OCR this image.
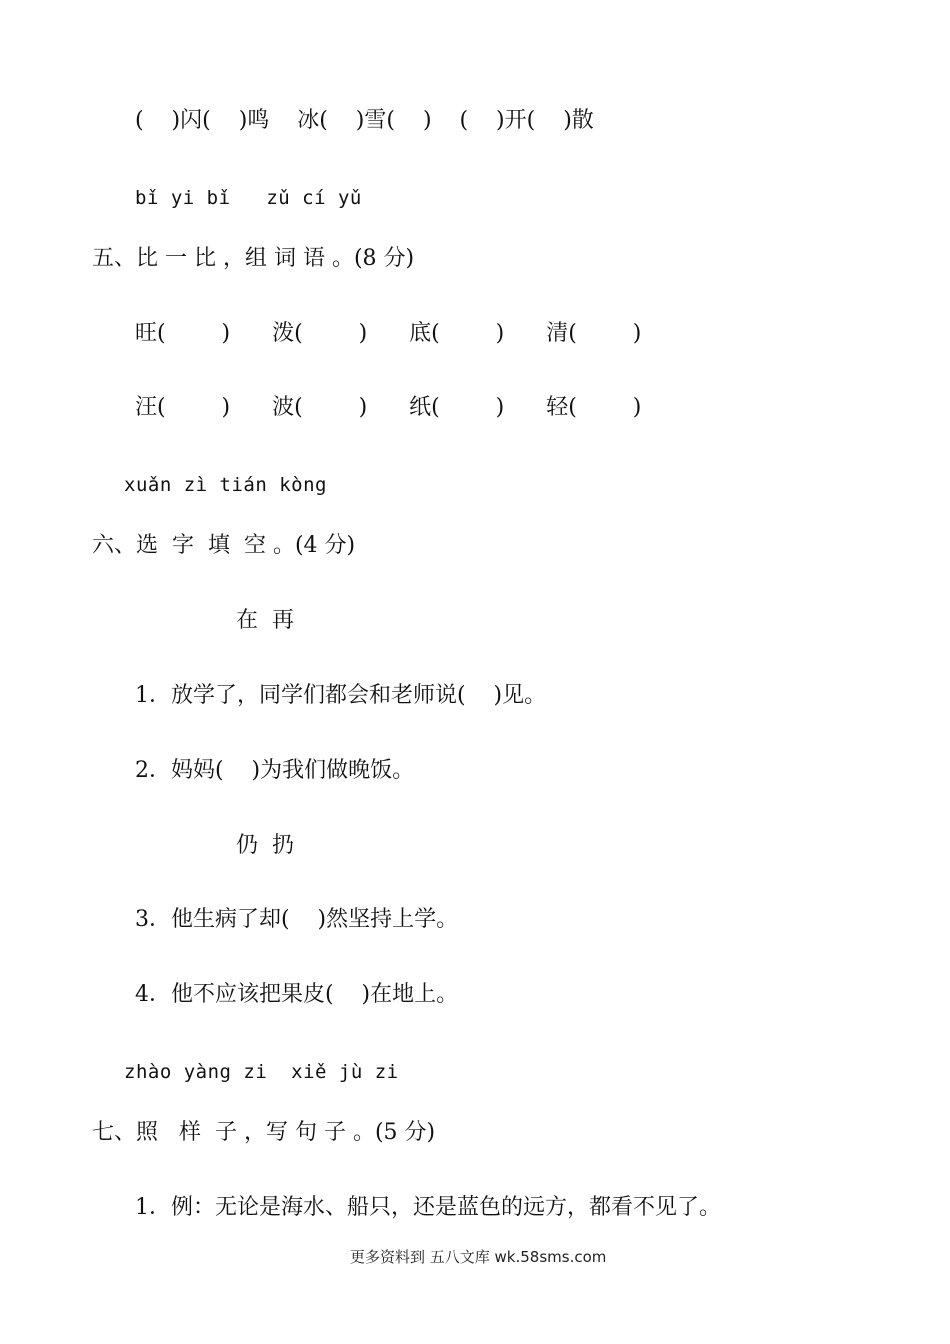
(    )闪(    )鸣    冰(    )雪(    )    (    )开(    )散
bǐ yi bǐ   zǔ cí yǔ
五、比 一 比 ，组 词 语 。(8 分)
旺(        )      泼(        )      底(        )      清(        )
汪(        )      波(        )      纸(        )      轻(        )
xuǎn zì tián kòng
六、选  字  填  空 。(4 分)
在  再
1．放学了，同学们都会和老师说(    )见。
2．妈妈(    )为我们做晚饭。
仍  扔
3．他生病了却(    )然坚持上学。
4．他不应该把果皮(    )在地上。
zhào yàng zi  xiě jù zi
七、照   样  子 ，写 句 子 。(5 分)
1．例：无论是海水、船只，还是蓝色的远方，都看不见了。
更多资料到 五八文库 wk.58sms.com
